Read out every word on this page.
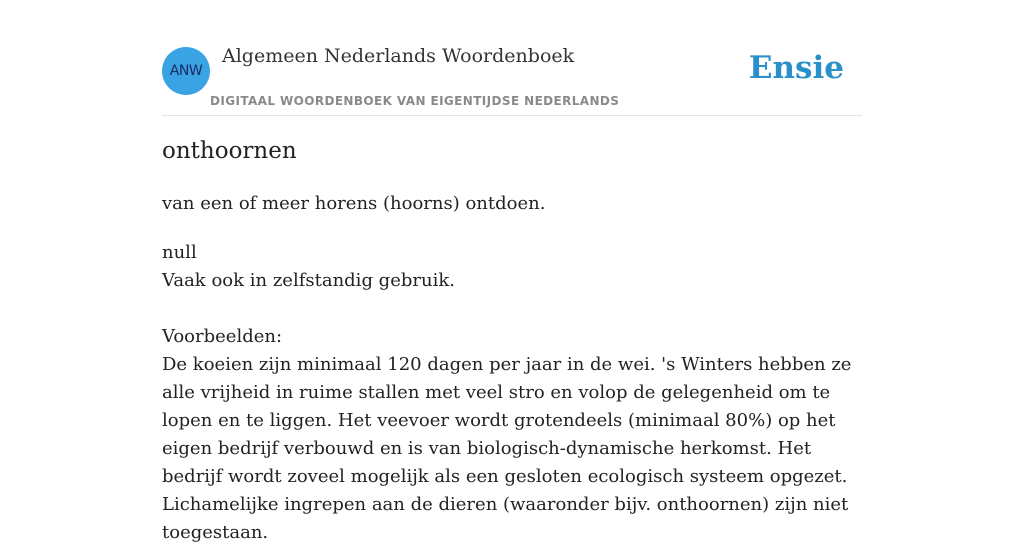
ANW
Algemeen Nederlands Woordenboek
DIGITAAL WOORDENBOEK VAN EIGENTIJDSE NEDERLANDS
Ensie
onthoornen
van een of meer horens (hoorns) ontdoen.

null

Vaak ook in zelfstandig gebruik.

Voorbeelden:

De koeien zijn minimaal 120 dagen per jaar in de wei. 's Winters hebben ze alle vrijheid in ruime stallen met veel stro en volop de gelegenheid om te lopen en te liggen. Het veevoer wordt grotendeels (minimaal 80%) op het eigen bedrijf verbouwd en is van biologisch-dynamische herkomst. Het bedrijf wordt zoveel mogelijk als een gesloten ecologisch systeem opgezet. Lichamelijke ingrepen aan de dieren (waaronder bijv. onthoornen) zijn niet toegestaan.
